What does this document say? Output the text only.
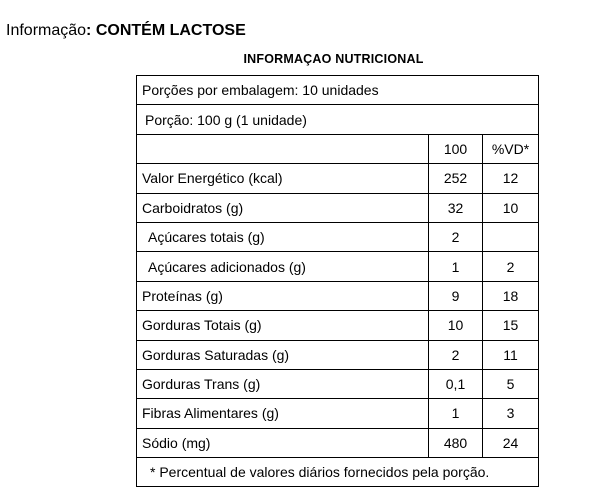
Informação: CONTÉM LACTOSE
INFORMAÇAO NUTRICIONAL
Porções por embalagem: 10 unidades		
Porção: 100 g (1 unidade)		
	100	%VD*
Valor Energético (kcal)	252	12
Carboidratos (g)	32	10
Açúcares totais (g)	2	
Açúcares adicionados (g)	1	2
Proteínas (g)	9	18
Gorduras Totais (g)	10	15
Gorduras Saturadas (g)	2	11
Gorduras Trans (g)	0,1	5
Fibras Alimentares (g)	1	3
Sódio (mg)	480	24
* Percentual de valores diários fornecidos pela porção.		
